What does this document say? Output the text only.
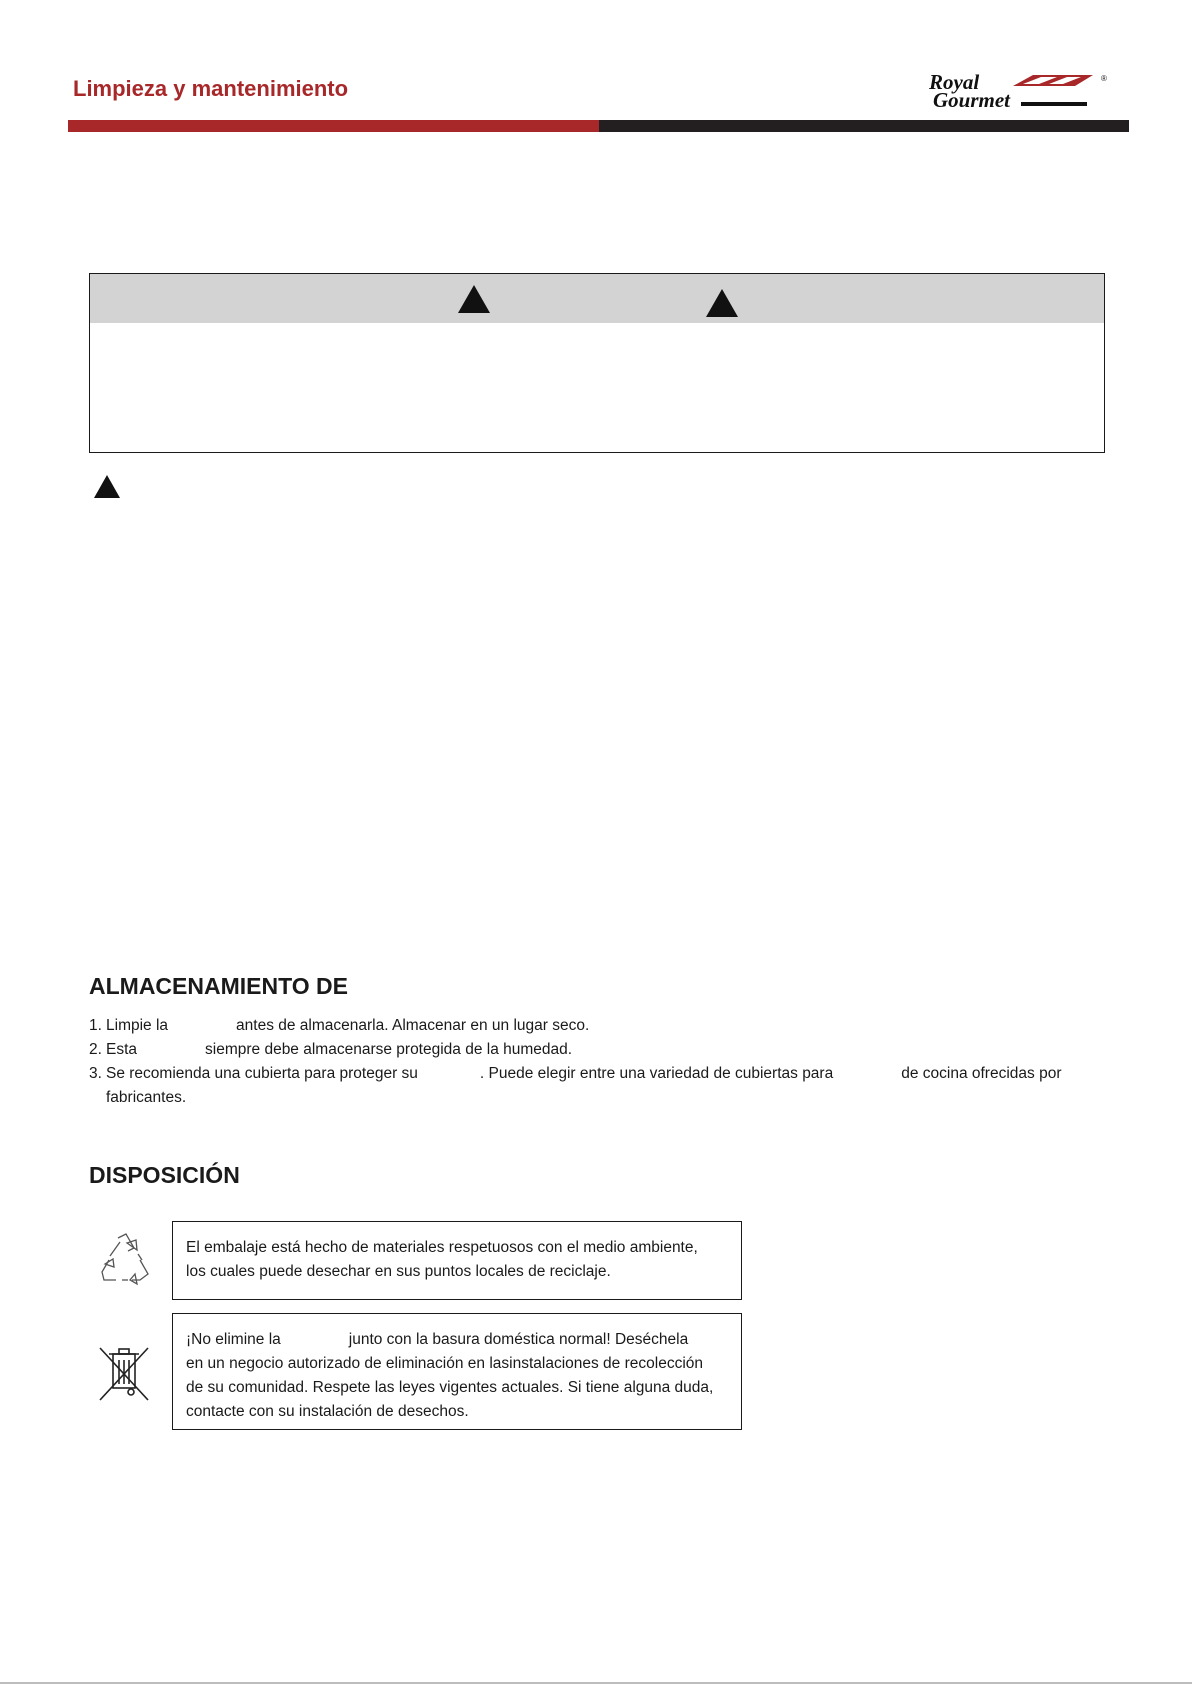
Limpieza y mantenimiento	Royal
Gourmet
®
ALMACENAMIENTO DE
1. Limpie la	antes de almacenarla. Almacenar en un lugar seco.
2. Esta	siempre debe almacenarse protegida de la humedad.
3. Se recomienda una cubierta para proteger su	. Puede elegir entre una variedad de cubiertas para	de cocina ofrecidas por
fabricantes.
DISPOSICIÓN
El embalaje está hecho de materiales respetuosos con el medio ambiente,
los cuales puede desechar en sus puntos locales de reciclaje.
¡No elimine la	junto con la basura doméstica normal! Deséchela
en un negocio autorizado de eliminación en lasinstalaciones de recolección
de su comunidad. Respete las leyes vigentes actuales. Si tiene alguna duda,
contacte con su instalación de desechos.
